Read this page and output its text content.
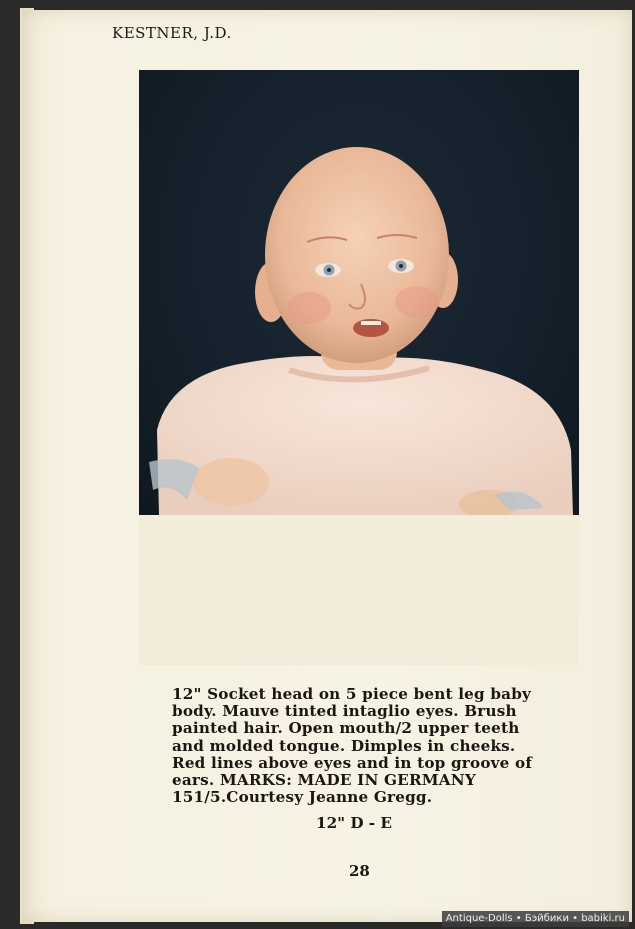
KESTNER, J.D.
12" Socket head on 5 piece bent leg baby
body. Mauve tinted intaglio eyes. Brush
painted hair. Open mouth/2 upper teeth
and molded tongue. Dimples in cheeks.
Red lines above eyes and in top groove of
ears. MARKS: MADE IN GERMANY
151/5.Courtesy Jeanne Gregg.
12" D - E
28
Antique-Dolls • Бэйбики • babiki.ru
